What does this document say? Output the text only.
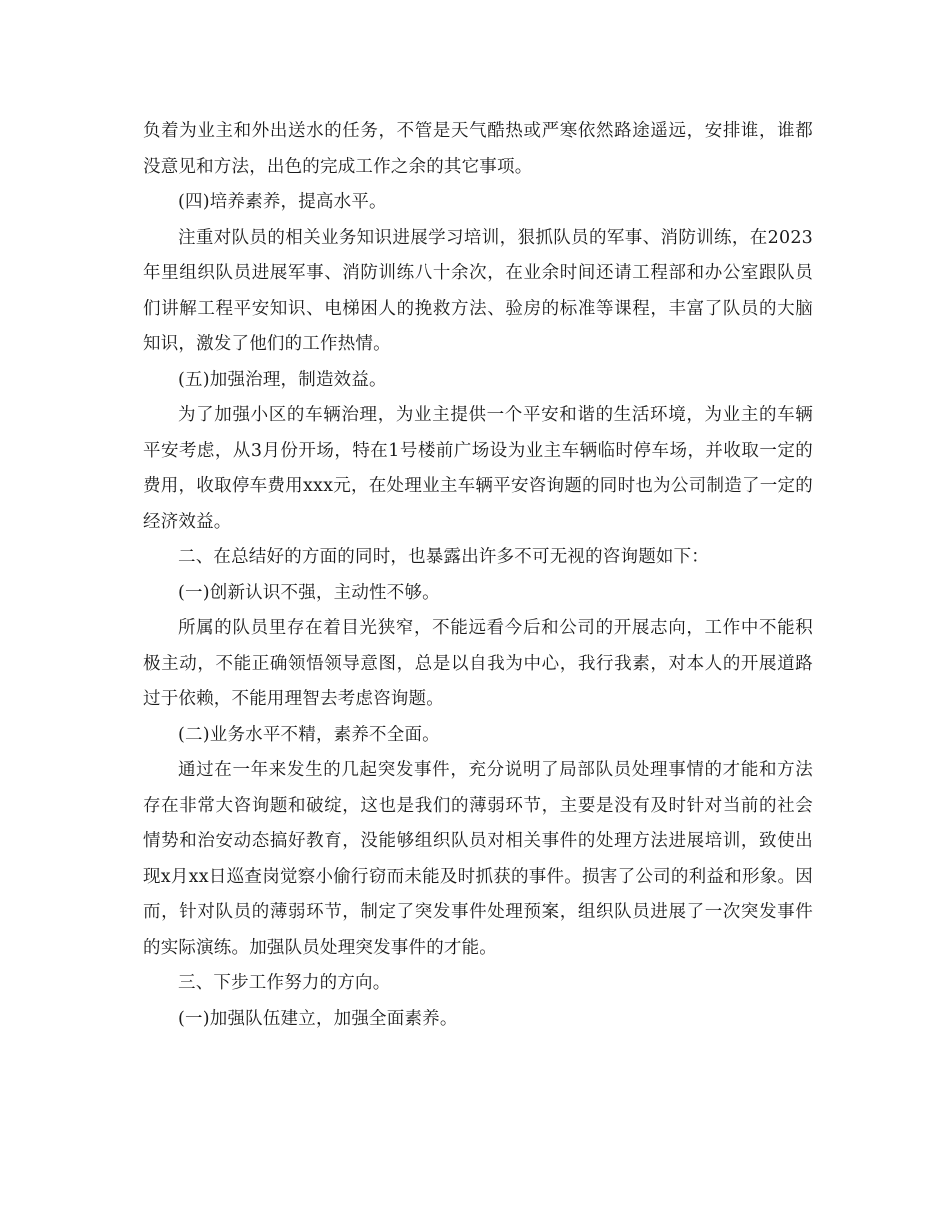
负着为业主和外出送水的任务，不管是天气酷热或严寒依然路途遥远，安排谁，谁都没意见和方法，出色的完成工作之余的其它事项。

(四)培养素养，提高水平。

注重对队员的相关业务知识进展学习培训，狠抓队员的军事、消防训练，在2023年里组织队员进展军事、消防训练八十余次，在业余时间还请工程部和办公室跟队员们讲解工程平安知识、电梯困人的挽救方法、验房的标准等课程，丰富了队员的大脑知识，激发了他们的工作热情。

(五)加强治理，制造效益。

为了加强小区的车辆治理，为业主提供一个平安和谐的生活环境，为业主的车辆平安考虑，从3月份开场，特在1号楼前广场设为业主车辆临时停车场，并收取一定的费用，收取停车费用xxx元，在处理业主车辆平安咨询题的同时也为公司制造了一定的经济效益。

二、在总结好的方面的同时，也暴露出许多不可无视的咨询题如下：

(一)创新认识不强，主动性不够。

所属的队员里存在着目光狭窄，不能远看今后和公司的开展志向，工作中不能积极主动，不能正确领悟领导意图，总是以自我为中心，我行我素，对本人的开展道路过于依赖，不能用理智去考虑咨询题。

(二)业务水平不精，素养不全面。

通过在一年来发生的几起突发事件，充分说明了局部队员处理事情的才能和方法存在非常大咨询题和破绽，这也是我们的薄弱环节，主要是没有及时针对当前的社会情势和治安动态搞好教育，没能够组织队员对相关事件的处理方法进展培训，致使出现x月xx日巡查岗觉察小偷行窃而未能及时抓获的事件。损害了公司的利益和形象。因而，针对队员的薄弱环节，制定了突发事件处理预案，组织队员进展了一次突发事件的实际演练。加强队员处理突发事件的才能。

三、下步工作努力的方向。

(一)加强队伍建立，加强全面素养。
